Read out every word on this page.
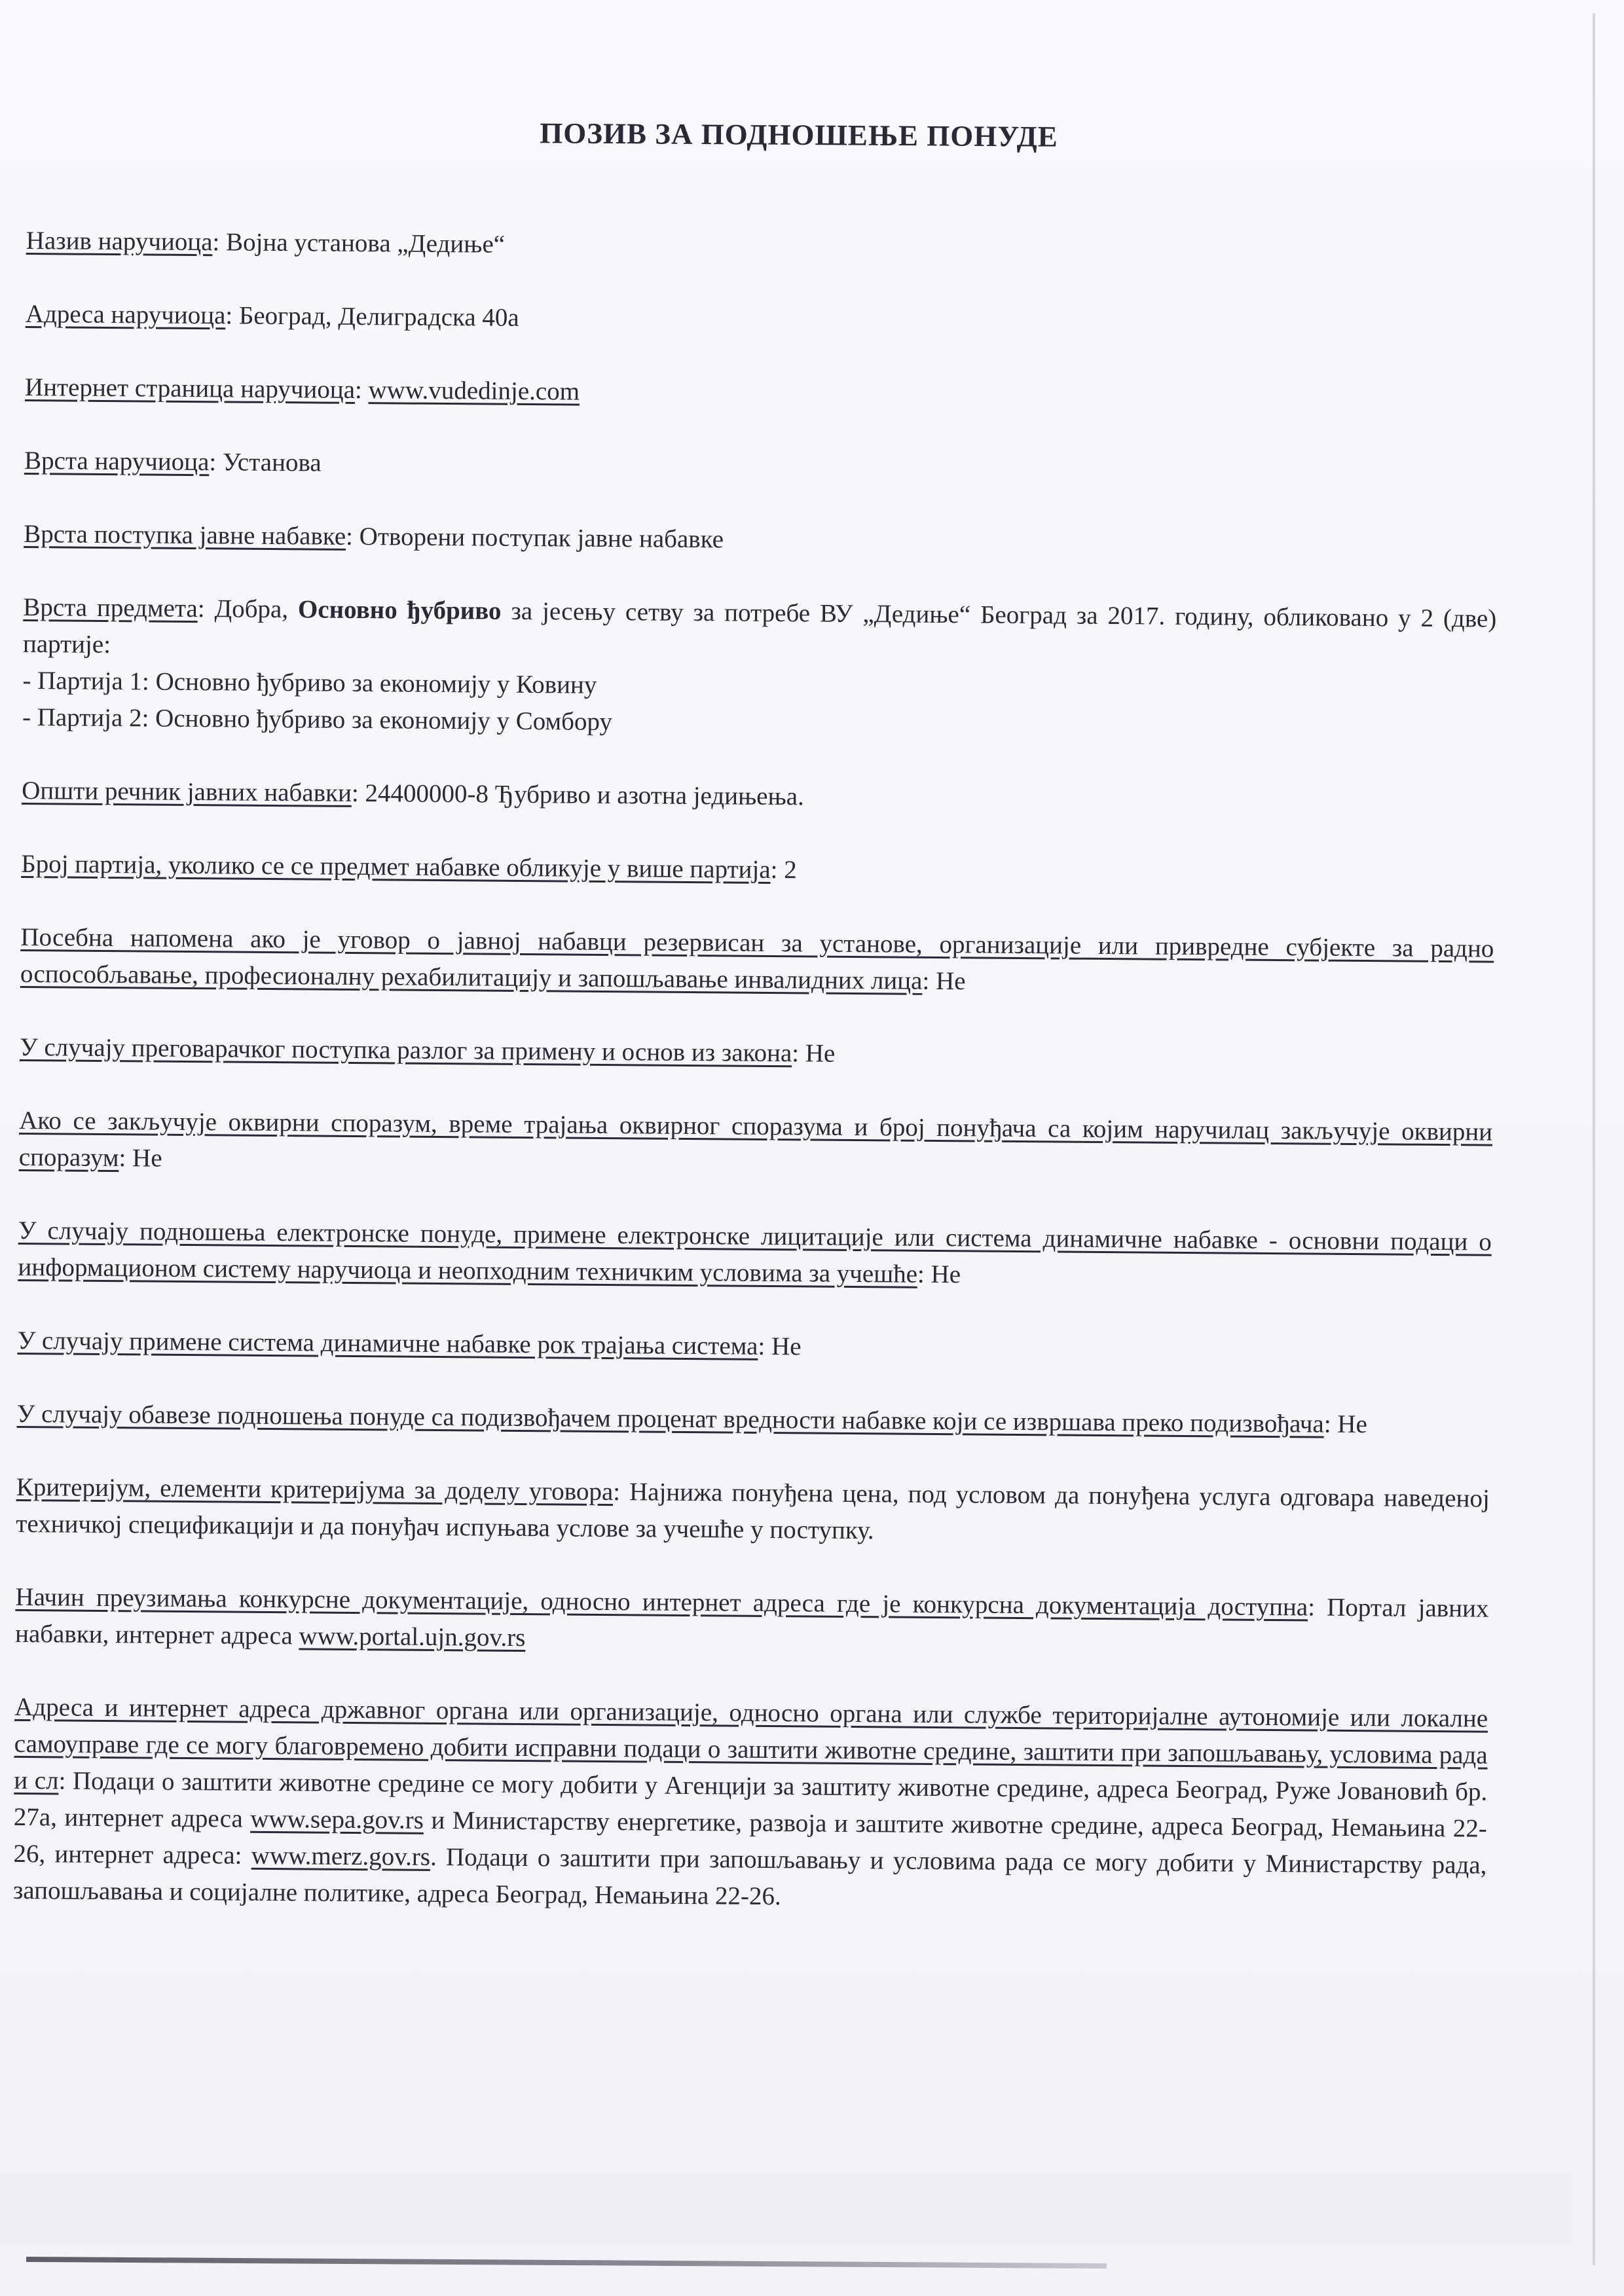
ПОЗИВ ЗА ПОДНОШЕЊЕ ПОНУДЕ

Назив наручиоца: Војна установа „Дедиње“

Адреса наручиоца: Београд, Делиградска 40а

Интернет страница наручиоца: www.vudedinje.com

Врста наручиоца: Установа

Врста поступка јавне набавке: Отворени поступак јавне набавке

Врста предмета: Добра, Основно ђубриво за јесењу сетву за потребе ВУ „Дедиње“ Београд за 2017. годину, обликовано у 2 (две) партије:
- Партија 1: Основно ђубриво за економију у Ковину
- Партија 2: Основно ђубриво за економију у Сомбору

Општи речник јавних набавки: 24400000-8 Ђубриво и азотна једињења.

Број партија, уколико се се предмет набавке обликује у више партија: 2

Посебна напомена ако је уговор о јавној набавци резервисан за установе, организације или привредне субјекте за радно оспособљавање, професионалну рехабилитацију и запошљавање инвалидних лица: Не

У случају преговарачког поступка разлог за примену и основ из закона: Не

Ако се закључује оквирни споразум, време трајања оквирног споразума и број понуђача са којим наручилац закључује оквирни споразум: Не

У случају подношења електронске понуде, примене електронске лицитације или система динамичне набавке - основни подаци о информационом систему наручиоца и неопходним техничким условима за учешће: Не

У случају примене система динамичне набавке рок трајања система: Не

У случају обавезе подношења понуде са подизвођачем проценат вредности набавке који се извршава преко подизвођача: Не

Критеријум, елементи критеријума за доделу уговора: Најнижа понуђена цена, под условом да понуђена услуга одговара наведеној техничкој спецификацији и да понуђач испуњава услове за учешће у поступку.

Начин преузимања конкурсне документације, односно интернет адреса где је конкурсна документација доступна: Портал јавних набавки, интернет адреса www.portal.ujn.gov.rs

Адреса и интернет адреса државног органа или организације, односно органа или службе територијалне аутономије или локалне самоуправе где се могу благовремено добити исправни подаци о заштити животне средине, заштити при запошљавању, условима рада и сл: Подаци о заштити животне средине се могу добити у Агенцији за заштиту животне средине, адреса Београд, Руже Јовановић бр. 27а, интернет адреса www.sepa.gov.rs и Министарству енергетике, развоја и заштите животне средине, адреса Београд, Немањина 22-26, интернет адреса: www.merz.gov.rs. Подаци о заштити при запошљавању и условима рада се могу добити у Министарству рада, запошљавања и социјалне политике, адреса Београд, Немањина 22-26.
